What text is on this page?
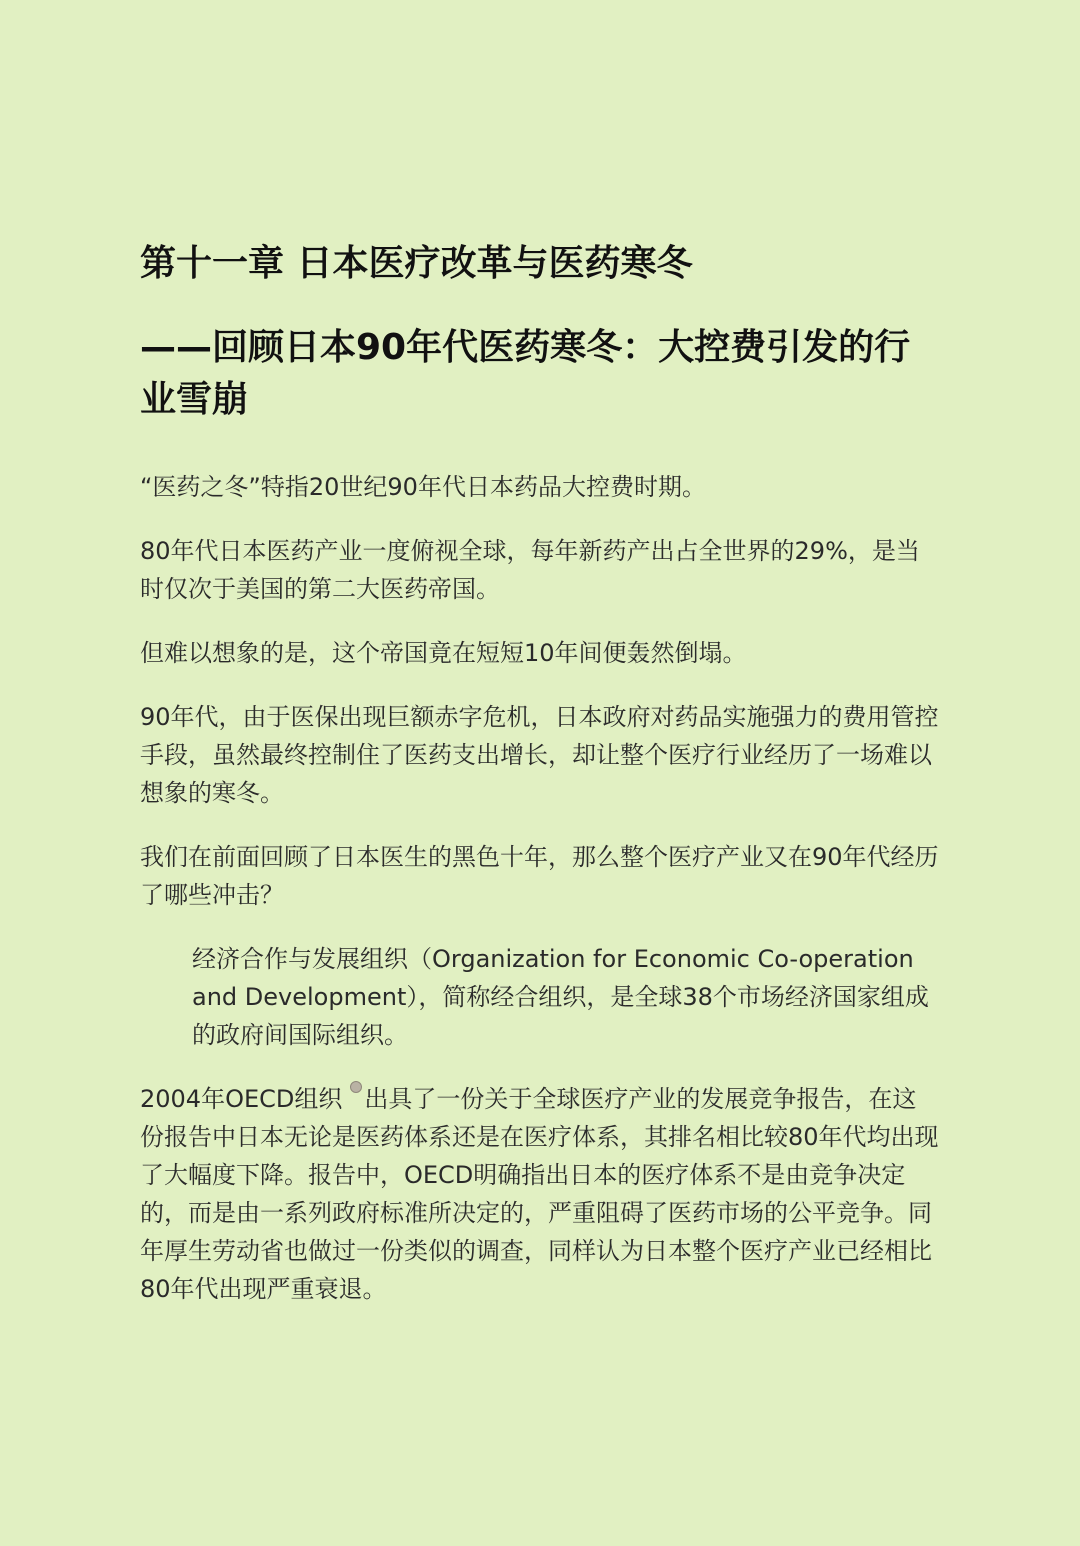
第十一章 日本医疗改革与医药寒冬
——回顾日本90年代医药寒冬：大控费引发的行业雪崩

“医药之冬”特指20世纪90年代日本药品大控费时期。

80年代日本医药产业一度俯视全球，每年新药产出占全世界的29%，是当时仅次于美国的第二大医药帝国。

但难以想象的是，这个帝国竟在短短10年间便轰然倒塌。

90年代，由于医保出现巨额赤字危机，日本政府对药品实施强力的费用管控手段，虽然最终控制住了医药支出增长，却让整个医疗行业经历了一场难以想象的寒冬。

我们在前面回顾了日本医生的黑色十年，那么整个医疗产业又在90年代经历了哪些冲击？

经济合作与发展组织（Organization for Economic Co-operation and Development），简称经合组织，是全球38个市场经济国家组成的政府间国际组织。

2004年OECD组织 出具了一份关于全球医疗产业的发展竞争报告，在这份报告中日本无论是医药体系还是在医疗体系，其排名相比较80年代均出现了大幅度下降。报告中，OECD明确指出日本的医疗体系不是由竞争决定的，而是由一系列政府标准所决定的，严重阻碍了医药市场的公平竞争。同年厚生劳动省也做过一份类似的调查，同样认为日本整个医疗产业已经相比80年代出现严重衰退。
